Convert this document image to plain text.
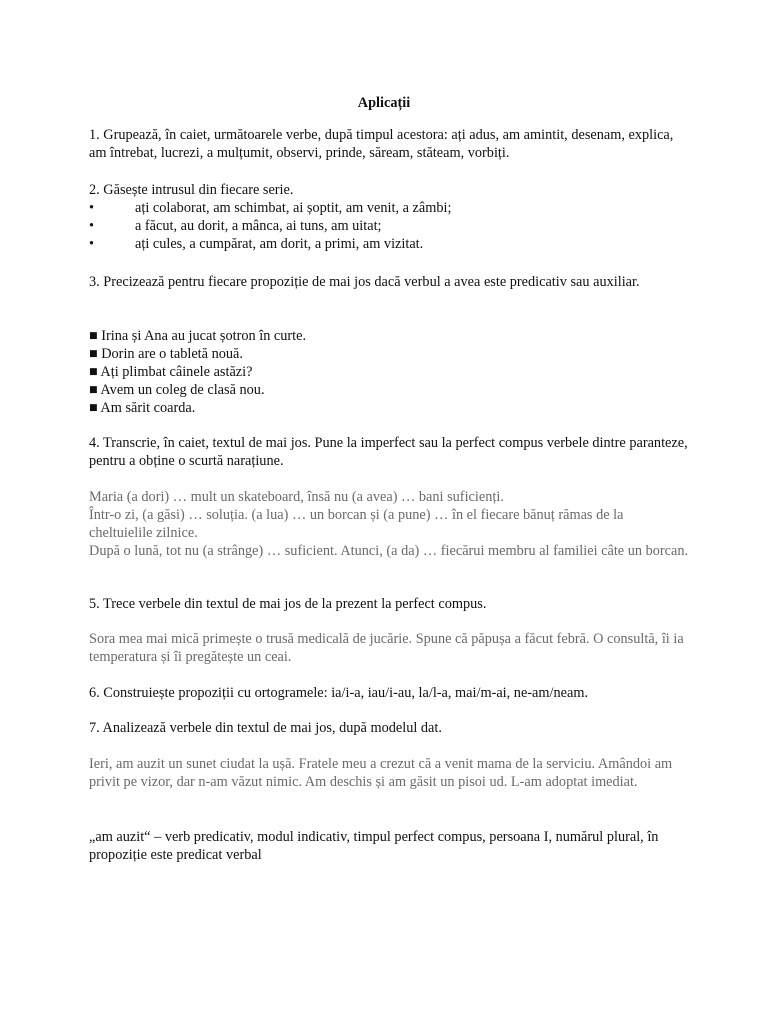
Aplicații

1. Grupează, în caiet, următoarele verbe, după timpul acestora: ați adus, am amintit, desenam, explica, am întrebat, lucrezi, a mulțumit, observi, prinde, săream, stăteam, vorbiți.

2. Găsește intrusul din fiecare serie.
•	ați colaborat, am schimbat, ai șoptit, am venit, a zâmbi;
•	a făcut, au dorit, a mânca, ai tuns, am uitat;
•	ați cules, a cumpărat, am dorit, a primi, am vizitat.

3. Precizează pentru fiecare propoziție de mai jos dacă verbul a avea este predicativ sau auxiliar.

■ Irina și Ana au jucat șotron în curte.
■ Dorin are o tabletă nouă.
■ Ați plimbat câinele astăzi?
■ Avem un coleg de clasă nou.
■ Am sărit coarda.

4. Transcrie, în caiet, textul de mai jos. Pune la imperfect sau la perfect compus verbele dintre paranteze, pentru a obține o scurtă narațiune.

Maria (a dori) … mult un skateboard, însă nu (a avea) … bani suficienți.
Într-o zi, (a găsi) … soluția. (a lua) … un borcan și (a pune) … în el fiecare bănuț rămas de la cheltuielile zilnice.
După o lună, tot nu (a strânge) … suficient. Atunci, (a da) … fiecărui membru al familiei câte un borcan.

5. Trece verbele din textul de mai jos de la prezent la perfect compus.

Sora mea mai mică primește o trusă medicală de jucărie. Spune că păpușa a făcut febră. O consultă, îi ia temperatura și îi pregătește un ceai.

6. Construiește propoziții cu ortogramele: ia/i-a, iau/i-au, la/l-a, mai/m-ai, ne-am/neam.

7. Analizează verbele din textul de mai jos, după modelul dat.

Ieri, am auzit un sunet ciudat la ușă. Fratele meu a crezut că a venit mama de la serviciu. Amândoi am privit pe vizor, dar n-am văzut nimic. Am deschis și am găsit un pisoi ud. L-am adoptat imediat.

„am auzit“ – verb predicativ, modul indicativ, timpul perfect compus, persoana I, numărul plural, în propoziție este predicat verbal
